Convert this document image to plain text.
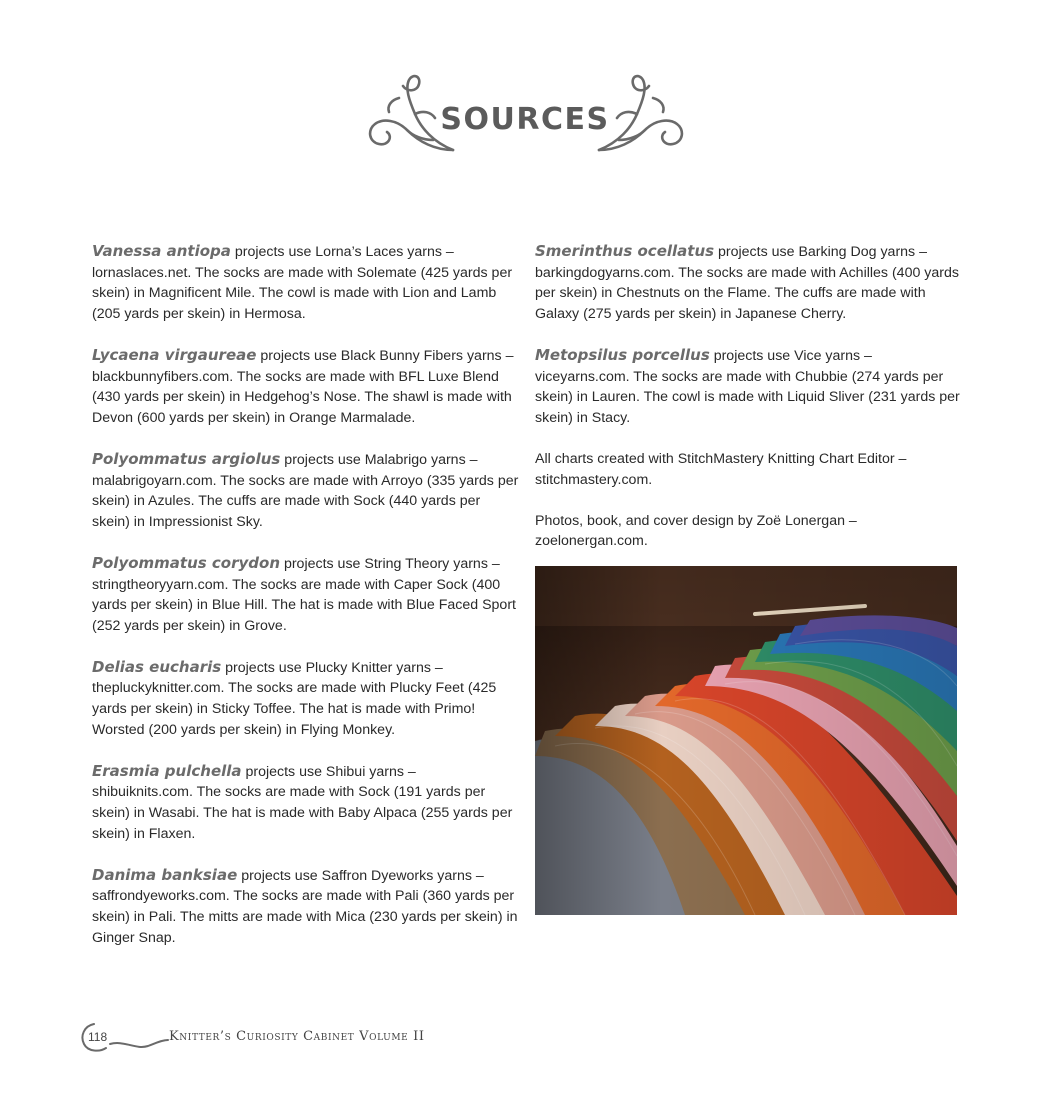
SOURCES

Vanessa antiopa projects use Lorna’s Laces yarns – lornaslaces.net. The socks are made with Solemate (425 yards per skein) in Magnificent Mile. The cowl is made with Lion and Lamb (205 yards per skein) in Hermosa.

Lycaena virgaureae projects use Black Bunny Fibers yarns – blackbunnyfibers.com. The socks are made with BFL Luxe Blend (430 yards per skein) in Hedgehog’s Nose. The shawl is made with Devon (600 yards per skein) in Orange Marmalade.

Polyommatus argiolus projects use Malabrigo yarns – malabrigoyarn.com. The socks are made with Arroyo (335 yards per skein) in Azules. The cuffs are made with Sock (440 yards per skein) in Impressionist Sky.

Polyommatus corydon projects use String Theory yarns – stringtheoryyarn.com. The socks are made with Caper Sock (400 yards per skein) in Blue Hill. The hat is made with Blue Faced Sport (252 yards per skein) in Grove.

Delias eucharis projects use Plucky Knitter yarns – thepluckyknitter.com. The socks are made with Plucky Feet (425 yards per skein) in Sticky Toffee. The hat is made with Primo! Worsted (200 yards per skein) in Flying Monkey.

Erasmia pulchella projects use Shibui yarns – shibuiknits.com. The socks are made with Sock (191 yards per skein) in Wasabi. The hat is made with Baby Alpaca (255 yards per skein) in Flaxen.

Danima banksiae projects use Saffron Dyeworks yarns – saffrondyeworks.com. The socks are made with Pali (360 yards per skein) in Pali. The mitts are made with Mica (230 yards per skein) in Ginger Snap.

Smerinthus ocellatus projects use Barking Dog yarns – barkingdogyarns.com. The socks are made with Achilles (400 yards per skein) in Chestnuts on the Flame. The cuffs are made with Galaxy (275 yards per skein) in Japanese Cherry.

Metopsilus porcellus projects use Vice yarns – viceyarns.com. The socks are made with Chubbie (274 yards per skein) in Lauren. The cowl is made with Liquid Sliver (231 yards per skein) in Stacy.

All charts created with StitchMastery Knitting Chart Editor – stitchmastery.com.

Photos, book, and cover design by Zoë Lonergan – zoelonergan.com.

118	Knitter’s Curiosity Cabinet Volume II
